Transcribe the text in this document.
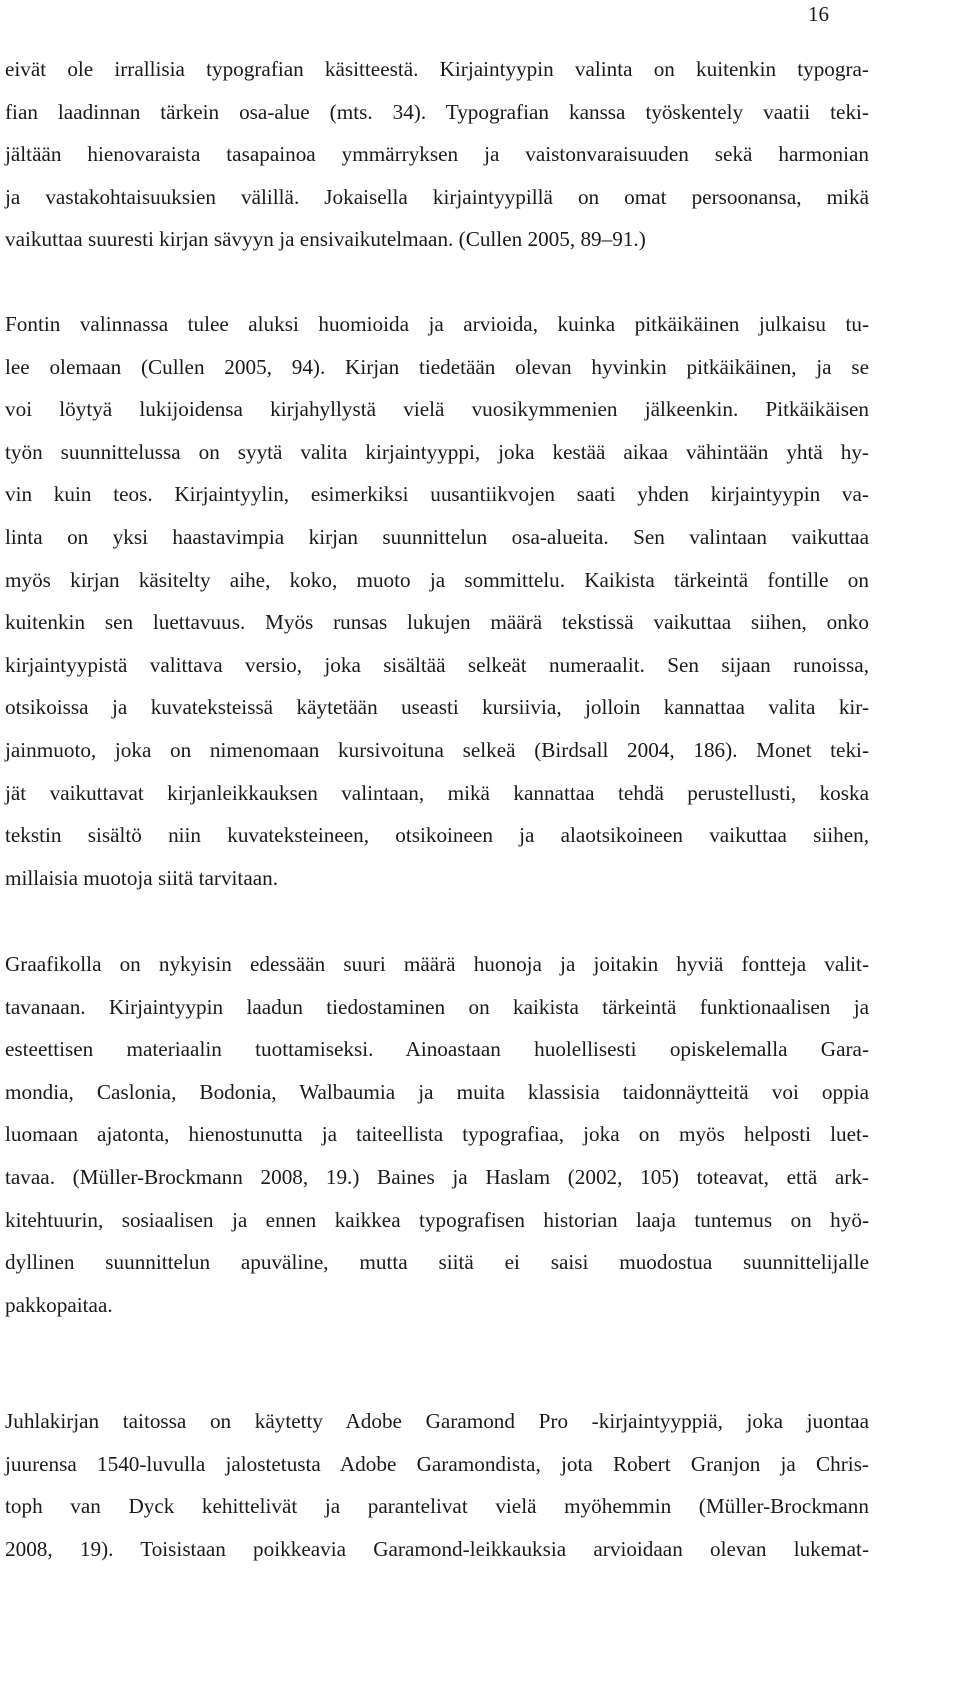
16
eivät ole irrallisia typografian käsitteestä. Kirjaintyypin valinta on kuitenkin typogra-
fian laadinnan tärkein osa-alue (mts. 34). Typografian kanssa työskentely vaatii teki-
jältään hienovaraista tasapainoa ymmärryksen ja vaistonvaraisuuden sekä harmonian
ja vastakohtaisuuksien välillä. Jokaisella kirjaintyypillä on omat persoonansa, mikä
vaikuttaa suuresti kirjan sävyyn ja ensivaikutelmaan. (Cullen 2005, 89–91.)
Fontin valinnassa tulee aluksi huomioida ja arvioida, kuinka pitkäikäinen julkaisu tu-
lee olemaan (Cullen 2005, 94). Kirjan tiedetään olevan hyvinkin pitkäikäinen, ja se
voi löytyä lukijoidensa kirjahyllystä vielä vuosikymmenien jälkeenkin. Pitkäikäisen
työn suunnittelussa on syytä valita kirjaintyyppi, joka kestää aikaa vähintään yhtä hy-
vin kuin teos. Kirjaintyylin, esimerkiksi uusantiikvojen saati yhden kirjaintyypin va-
linta on yksi haastavimpia kirjan suunnittelun osa-alueita. Sen valintaan vaikuttaa
myös kirjan käsitelty aihe, koko, muoto ja sommittelu. Kaikista tärkeintä fontille on
kuitenkin sen luettavuus. Myös runsas lukujen määrä tekstissä vaikuttaa siihen, onko
kirjaintyypistä valittava versio, joka sisältää selkeät numeraalit. Sen sijaan runoissa,
otsikoissa ja kuvateksteissä käytetään useasti kursiivia, jolloin kannattaa valita kir-
jainmuoto, joka on nimenomaan kursivoituna selkeä (Birdsall 2004, 186). Monet teki-
jät vaikuttavat kirjanleikkauksen valintaan, mikä kannattaa tehdä perustellusti, koska
tekstin sisältö niin kuvateksteineen, otsikoineen ja alaotsikoineen vaikuttaa siihen,
millaisia muotoja siitä tarvitaan.
Graafikolla on nykyisin edessään suuri määrä huonoja ja joitakin hyviä fontteja valit-
tavanaan. Kirjaintyypin laadun tiedostaminen on kaikista tärkeintä funktionaalisen ja
esteettisen materiaalin tuottamiseksi. Ainoastaan huolellisesti opiskelemalla Gara-
mondia, Caslonia, Bodonia, Walbaumia ja muita klassisia taidonnäytteitä voi oppia
luomaan ajatonta, hienostunutta ja taiteellista typografiaa, joka on myös helposti luet-
tavaa. (Müller-Brockmann 2008, 19.) Baines ja Haslam (2002, 105) toteavat, että ark-
kitehtuurin, sosiaalisen ja ennen kaikkea typografisen historian laaja tuntemus on hyö-
dyllinen suunnittelun apuväline, mutta siitä ei saisi muodostua suunnittelijalle
pakkopaitaa.
Juhlakirjan taitossa on käytetty Adobe Garamond Pro -kirjaintyyppiä, joka juontaa
juurensa 1540-luvulla jalostetusta Adobe Garamondista, jota Robert Granjon ja Chris-
toph van Dyck kehittelivät ja parantelivat vielä myöhemmin (Müller-Brockmann
2008, 19). Toisistaan poikkeavia Garamond-leikkauksia arvioidaan olevan lukemat-
